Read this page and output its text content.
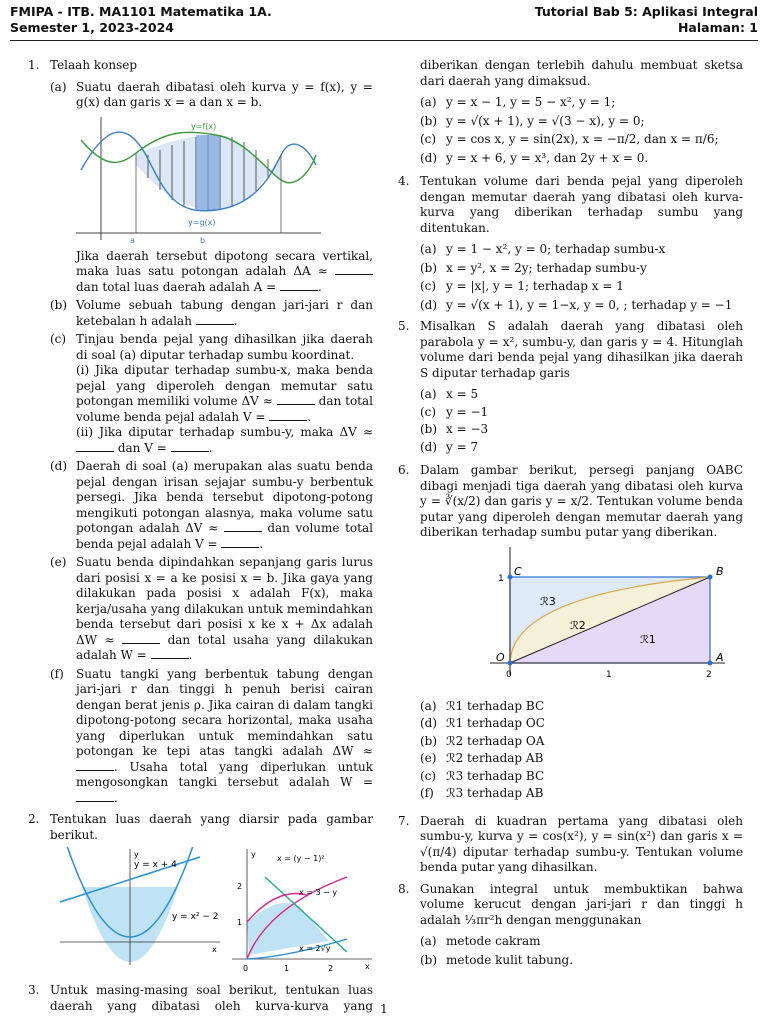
FMIPA - ITB. MA1101 Matematika 1A.
Semester 1, 2023-2024
Tutorial Bab 5: Aplikasi Integral
Halaman: 1
1. Telaah konsep

(a) Suatu daerah dibatasi oleh kurva y = f(x), y = g(x) dan garis x = a dan x = b.

y=f(x)
y=g(x)
a	b

Jika daerah tersebut dipotong secara vertikal, maka luas satu potongan adalah ΔA ≈  dan total luas daerah adalah A =	.

(b) Volume sebuah tabung dengan jari-jari r dan ketebalan h adalah	.

(c) Tinjau benda pejal yang dihasilkan jika daerah di soal (a) diputar terhadap sumbu koordinat.

(i) Jika diputar terhadap sumbu-x, maka benda pejal yang diperoleh dengan memutar satu potongan memiliki volume ΔV ≈	dan total volume benda pejal adalah V =	.

(ii) Jika diputar terhadap sumbu-y, maka ΔV ≈  dan V =	.

(d) Daerah di soal (a) merupakan alas suatu benda pejal dengan irisan sejajar sumbu-y berbentuk persegi. Jika benda tersebut dipotong-potong mengikuti potongan alasnya, maka volume satu potongan adalah ΔV ≈	dan volume total benda pejal adalah V =	.

(e) Suatu benda dipindahkan sepanjang garis lurus dari posisi x = a ke posisi x = b. Jika gaya yang dilakukan pada posisi x adalah F(x), maka kerja/usaha yang dilakukan untuk memindahkan benda tersebut dari posisi x ke x + Δx adalah ΔW ≈	dan total usaha yang dilakukan adalah W =	.

(f) Suatu tangki yang berbentuk tabung dengan jari-jari r dan tinggi h penuh berisi cairan dengan berat jenis ρ. Jika cairan di dalam tangki dipotong-potong secara horizontal, maka usaha yang diperlukan untuk memindahkan satu potongan ke tepi atas tangki adalah ΔW ≈ . Usaha total yang diperlukan untuk mengosongkan tangki tersebut adalah W = .

2. Tentukan luas daerah yang diarsir pada gambar berikut.

y = x + 4
y = x² − 2
x
y	x = (y − 1)²
x = 3 − y
x = 2√y
x
y
0	1	2
1
2
3. Untuk masing-masing soal berikut, tentukan luas daerah yang dibatasi oleh kurva-kurva yang

diberikan dengan terlebih dahulu membuat sketsa dari daerah yang dimaksud.

(a) y = x − 1, y = 5 − x², y = 1;
(b) y = √(x + 1), y = √(3 − x), y = 0;
(c) y = cos x, y = sin(2x), x = −π/2, dan x = π/6;
(d) y = x + 6, y = x³, dan 2y + x = 0.
4. Tentukan volume dari benda pejal yang diperoleh dengan memutar daerah yang dibatasi oleh kurva-kurva yang diberikan terhadap sumbu yang ditentukan.

(a) y = 1 − x², y = 0; terhadap sumbu-x
(b) x = y², x = 2y; terhadap sumbu-y
(c) y = |x|, y = 1; terhadap x = 1
(d) y = √(x + 1), y = 1−x, y = 0, ; terhadap y = −1
5. Misalkan S adalah daerah yang dibatasi oleh parabola y = x², sumbu-y, dan garis y = 4. Hitunglah volume dari benda pejal yang dihasilkan jika daerah S diputar terhadap garis

(a) x = 5
(c) y = −1
(b) x = −3
(d) y = 7
6. Dalam gambar berikut, persegi panjang OABC dibagi menjadi tiga daerah yang dibatasi oleh kurva y = ∛(x/2) dan garis y = x/2. Tentukan volume benda putar yang diperoleh dengan memutar daerah yang diberikan terhadap sumbu putar yang diberikan.

O	A
B
C
ℛ1
ℛ2
ℛ3
0	1	2
1
(a) ℛ1 terhadap BC
(d) ℛ1 terhadap OC
(b) ℛ2 terhadap OA
(e) ℛ2 terhadap AB
(c) ℛ3 terhadap BC
(f) ℛ3 terhadap AB
7. Daerah di kuadran pertama yang dibatasi oleh sumbu-y, kurva y = cos(x²), y = sin(x²) dan garis x = √(π/4) diputar terhadap sumbu-y. Tentukan volume benda putar yang dihasilkan.

8. Gunakan integral untuk membuktikan bahwa volume kerucut dengan jari-jari r dan tinggi h adalah ⅓πr²h dengan menggunakan

(a) metode cakram
(b) metode kulit tabung.
1
